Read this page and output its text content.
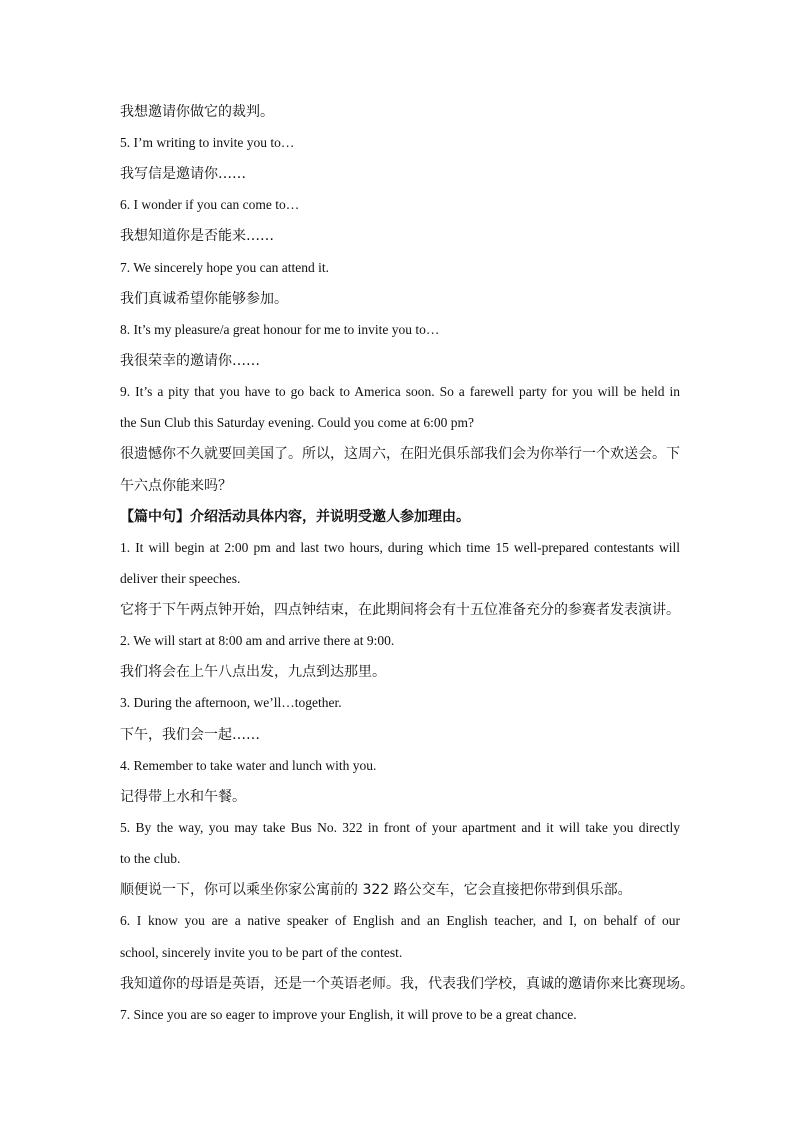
我想邀请你做它的裁判。
5. I’m writing to invite you to…
我写信是邀请你……
6. I wonder if you can come to…
我想知道你是否能来……
7. We sincerely hope you can attend it.
我们真诚希望你能够参加。
8. It’s my pleasure/a great honour for me to invite you to…
我很荣幸的邀请你……
9. It’s a pity that you have to go back to America soon. So a farewell party for you will be held in
the Sun Club this Saturday evening. Could you come at 6:00 pm?
很遗憾你不久就要回美国了。所以，这周六，在阳光俱乐部我们会为你举行一个欢送会。下
午六点你能来吗？
【篇中句】介绍活动具体内容，并说明受邀人参加理由。
1. It will begin at 2:00 pm and last two hours, during which time 15 well-prepared contestants will
deliver their speeches.
它将于下午两点钟开始，四点钟结束，在此期间将会有十五位准备充分的参赛者发表演讲。
2. We will start at 8:00 am and arrive there at 9:00.
我们将会在上午八点出发，九点到达那里。
3. During the afternoon, we’ll…together.
下午，我们会一起……
4. Remember to take water and lunch with you.
记得带上水和午餐。
5. By the way, you may take Bus No. 322 in front of your apartment and it will take you directly
to the club.
顺便说一下，你可以乘坐你家公寓前的 322 路公交车，它会直接把你带到俱乐部。
6. I know you are a native speaker of English and an English teacher, and I, on behalf of our
school, sincerely invite you to be part of the contest.
我知道你的母语是英语，还是一个英语老师。我，代表我们学校，真诚的邀请你来比赛现场。
7. Since you are so eager to improve your English, it will prove to be a great chance.
